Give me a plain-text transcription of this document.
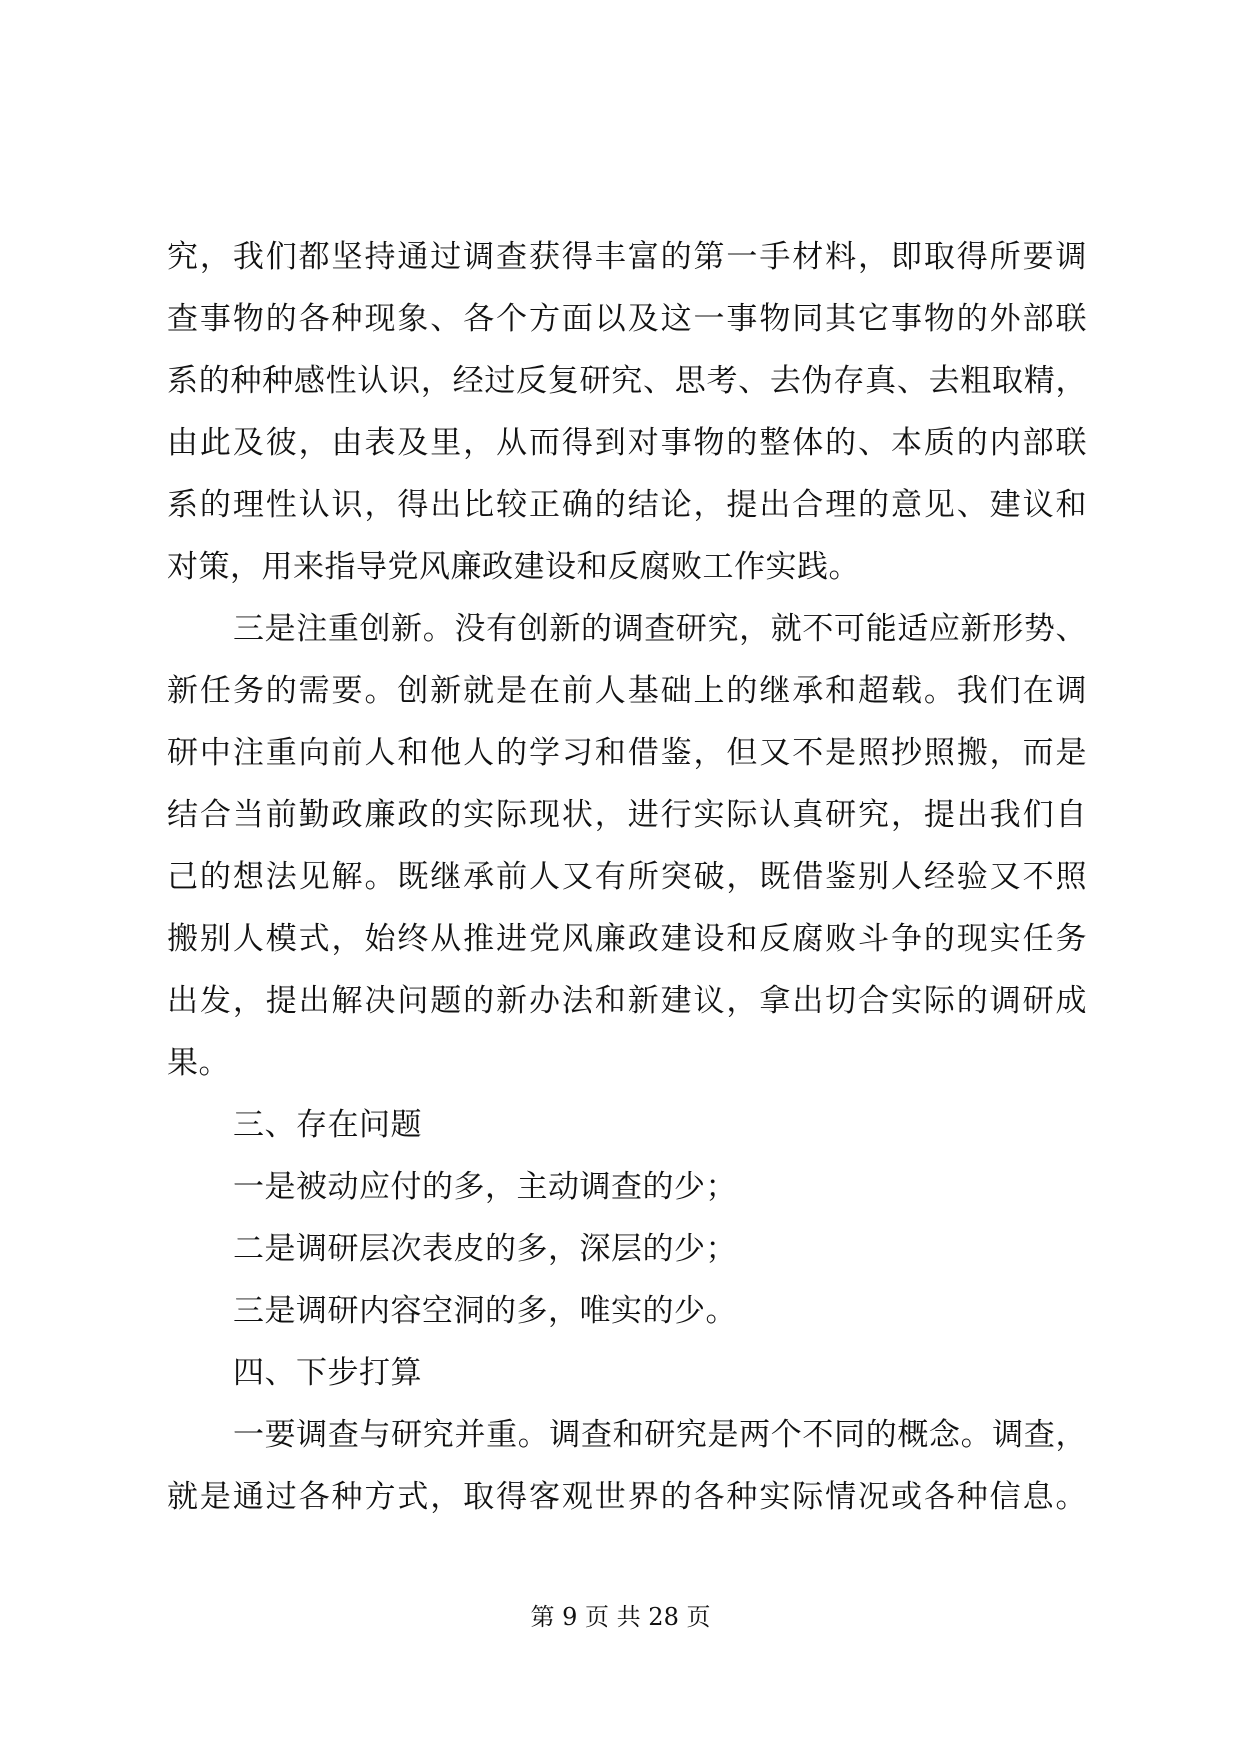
究，我们都坚持通过调查获得丰富的第一手材料，即取得所要调
查事物的各种现象、各个方面以及这一事物同其它事物的外部联
系的种种感性认识，经过反复研究、思考、去伪存真、去粗取精，
由此及彼，由表及里，从而得到对事物的整体的、本质的内部联
系的理性认识，得出比较正确的结论，提出合理的意见、建议和
对策，用来指导党风廉政建设和反腐败工作实践。
三是注重创新。没有创新的调查研究，就不可能适应新形势、
新任务的需要。创新就是在前人基础上的继承和超载。我们在调
研中注重向前人和他人的学习和借鉴，但又不是照抄照搬，而是
结合当前勤政廉政的实际现状，进行实际认真研究，提出我们自
己的想法见解。既继承前人又有所突破，既借鉴别人经验又不照
搬别人模式，始终从推进党风廉政建设和反腐败斗争的现实任务
出发，提出解决问题的新办法和新建议，拿出切合实际的调研成
果。
三、存在问题
一是被动应付的多，主动调查的少；
二是调研层次表皮的多，深层的少；
三是调研内容空洞的多，唯实的少。
四、下步打算
一要调查与研究并重。调查和研究是两个不同的概念。调查，
就是通过各种方式，取得客观世界的各种实际情况或各种信息。
第 9 页 共 28 页
